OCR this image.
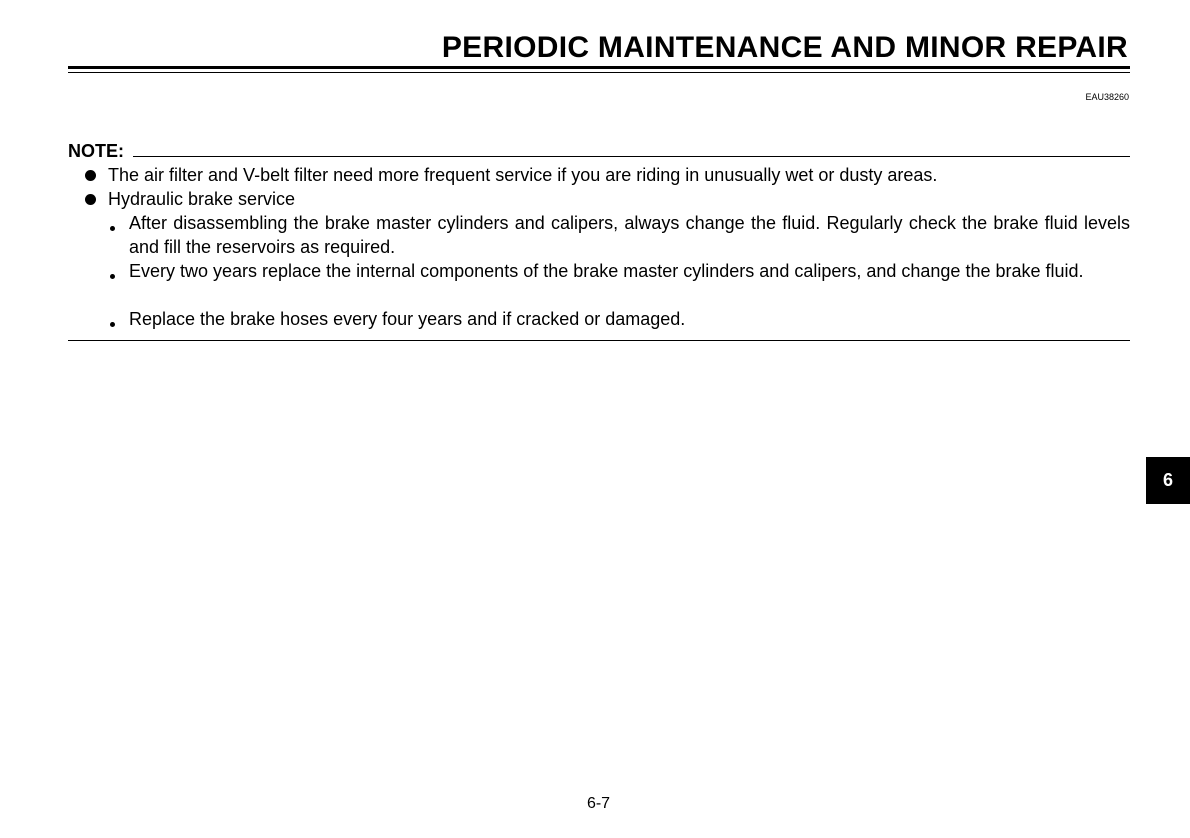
PERIODIC MAINTENANCE AND MINOR REPAIR
EAU38260
NOTE:
The air filter and V-belt filter need more frequent service if you are riding in unusually wet or dusty areas.
Hydraulic brake service
After disassembling the brake master cylinders and calipers, always change the fluid. Regularly check the brake fluid levels and fill the reservoirs as required.
Every two years replace the internal components of the brake master cylinders and calipers, and change the brake fluid.
Replace the brake hoses every four years and if cracked or damaged.
6
6-7
